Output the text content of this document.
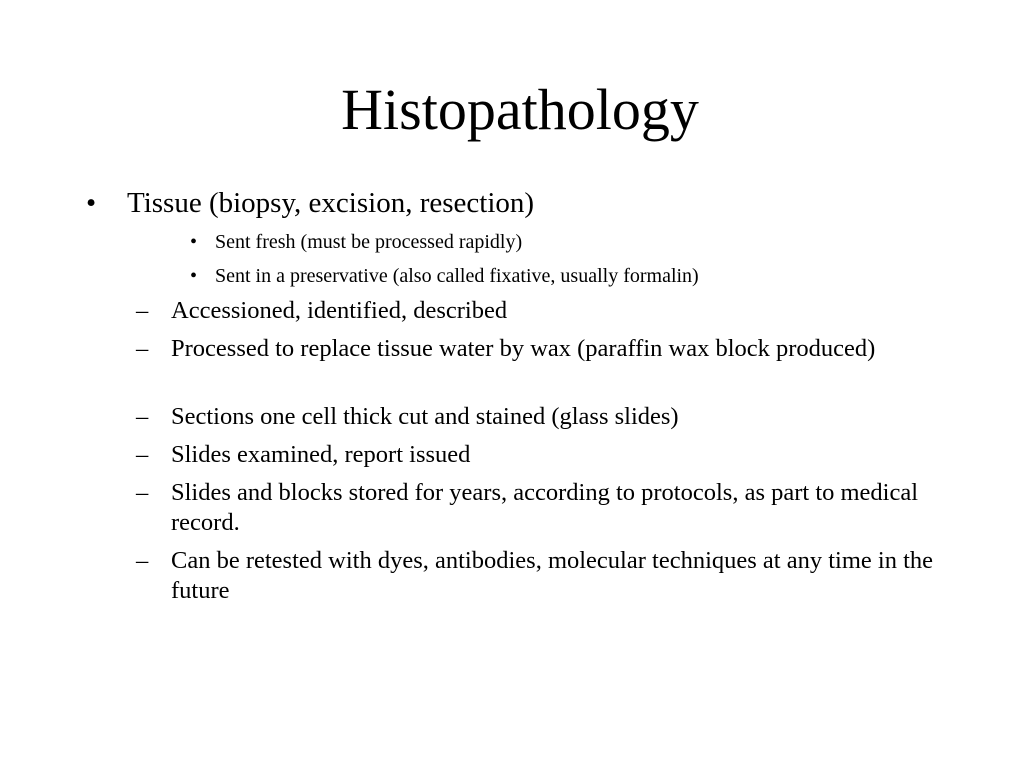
Histopathology
• Tissue (biopsy, excision, resection)
• Sent fresh (must be processed rapidly)
• Sent in a preservative (also called fixative, usually formalin)
– Accessioned, identified, described
– Processed to replace tissue water by wax (paraffin wax block produced)
– Sections one cell thick cut and stained (glass slides)
– Slides examined, report issued
– Slides and blocks stored for years, according to protocols, as part to medical record.
– Can be retested with dyes, antibodies, molecular techniques at any time in the future
